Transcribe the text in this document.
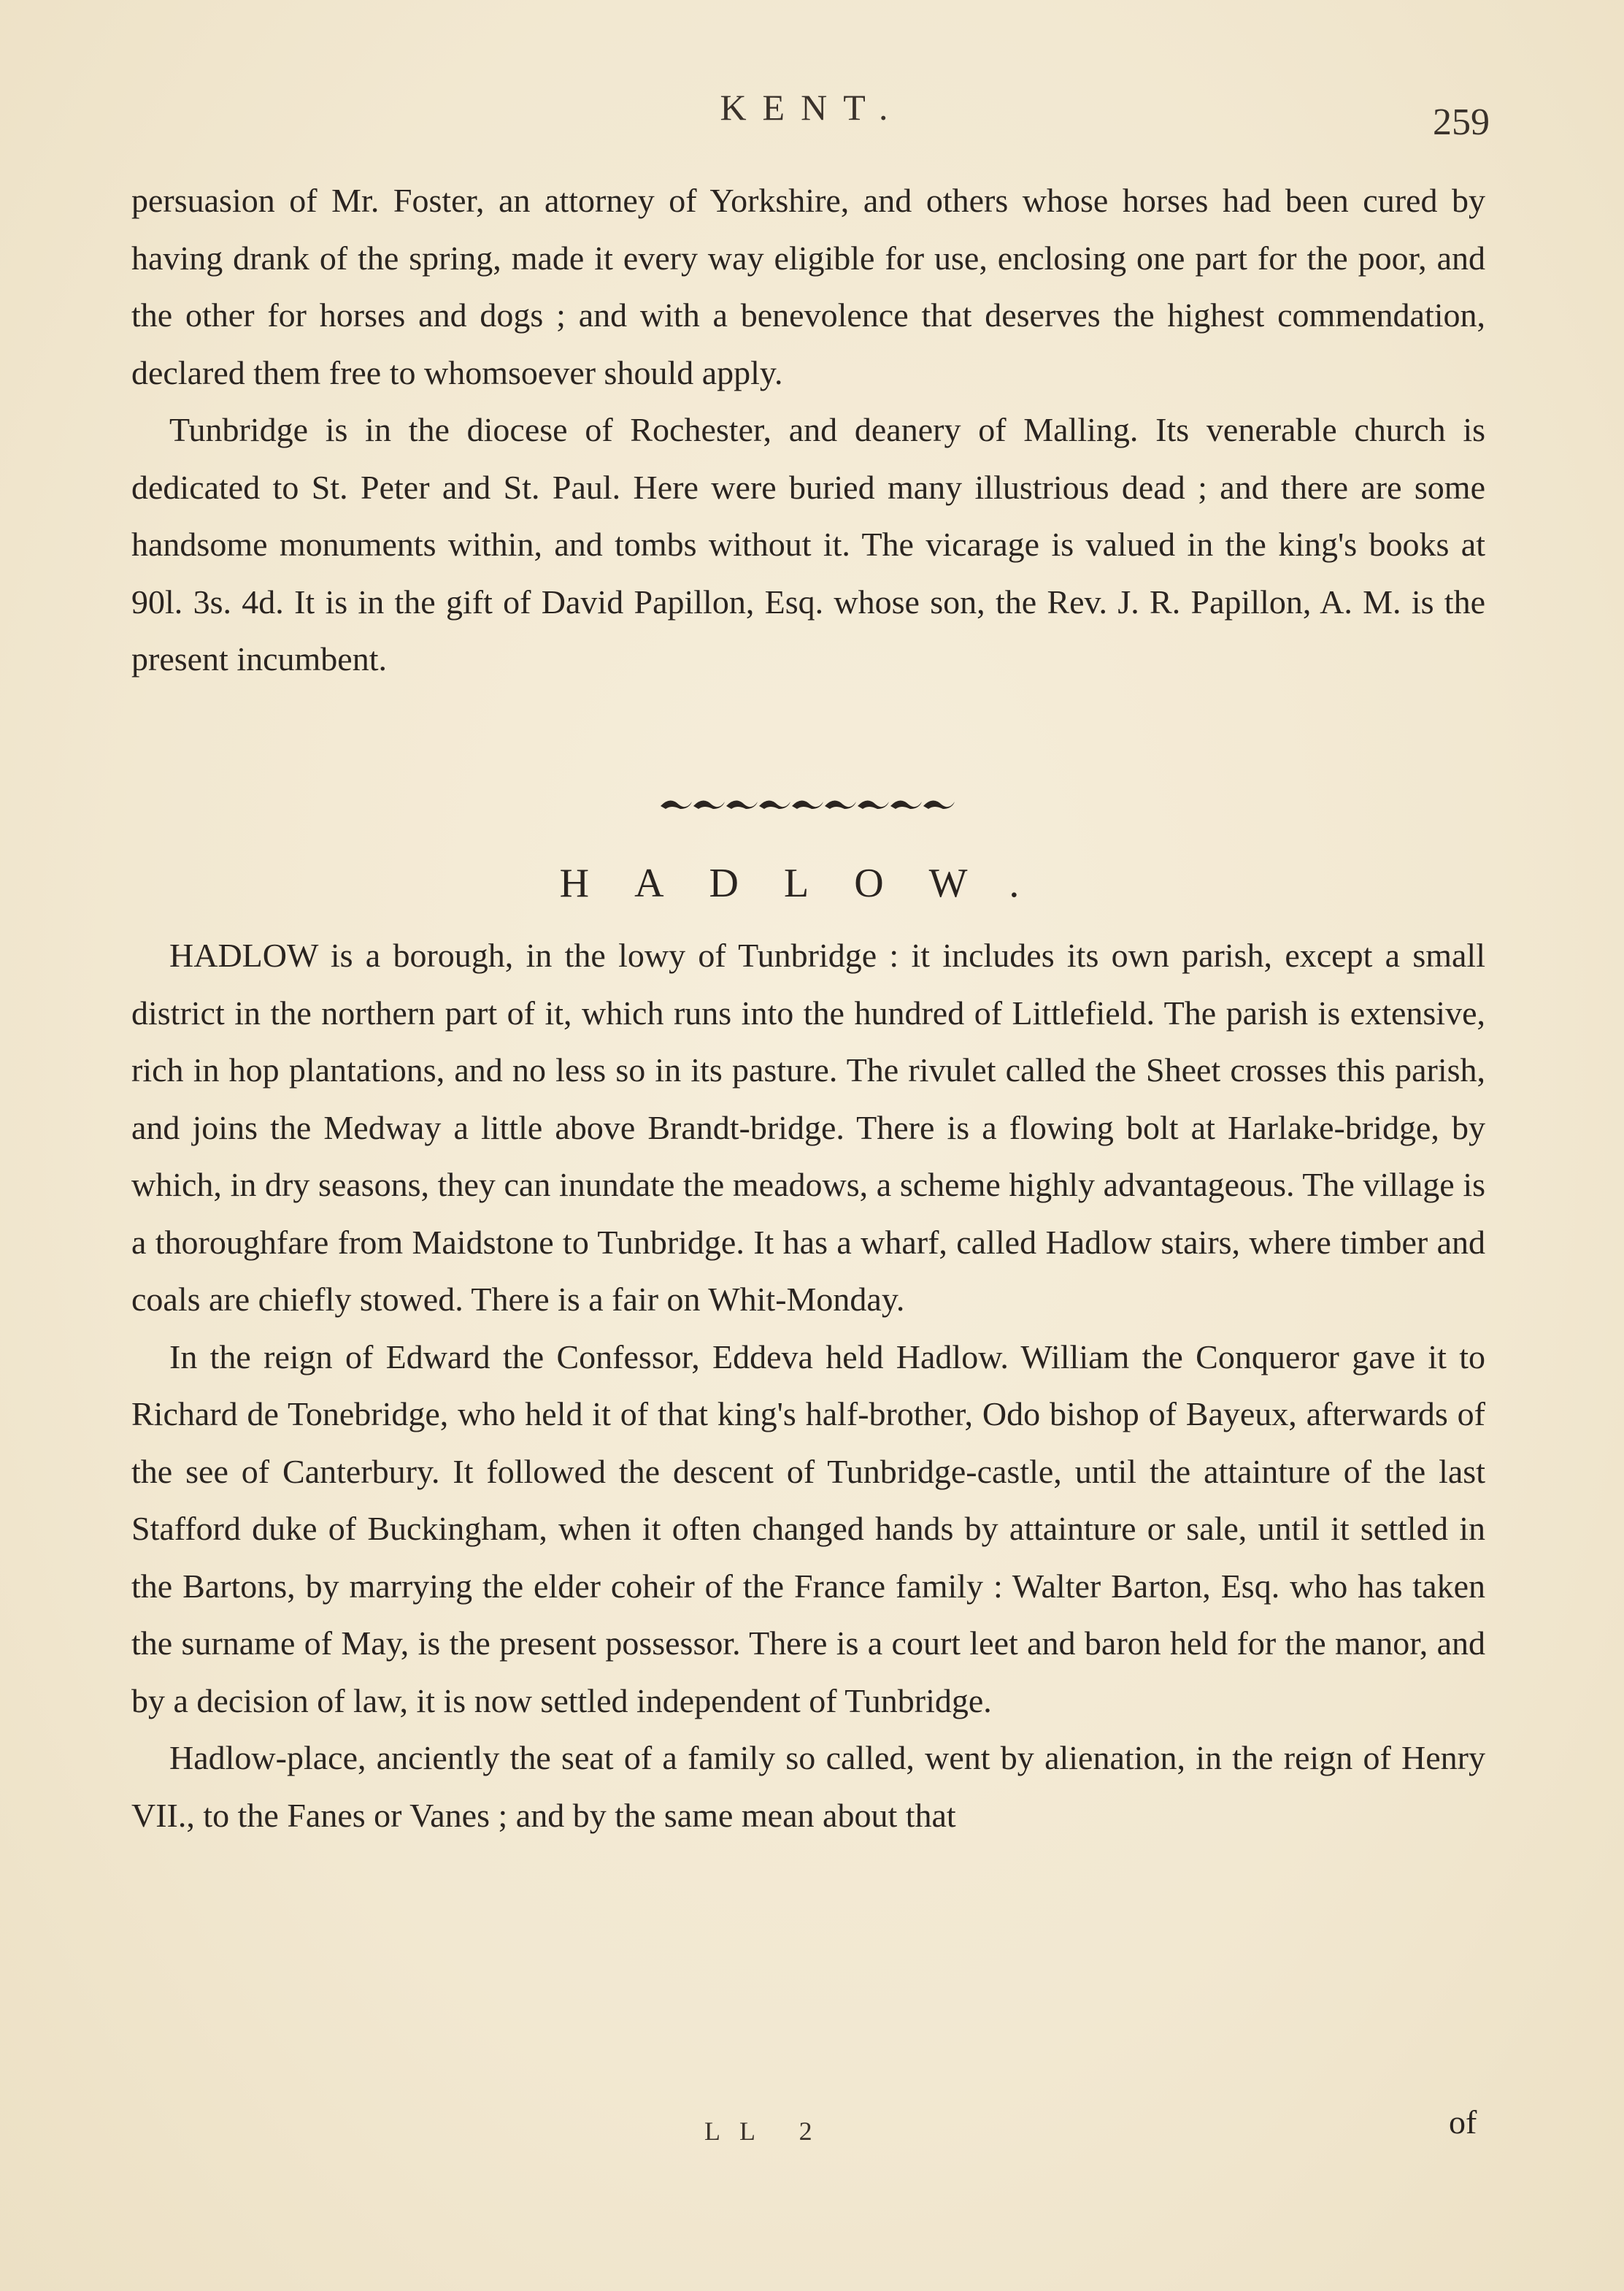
KENT.	259

persuasion of Mr. Foster, an attorney of Yorkshire, and others whose horses had been cured by having drank of the spring, made it every way eligible for use, enclosing one part for the poor, and the other for horses and dogs ; and with a benevolence that deserves the highest commendation, declared them free to whomsoever should apply.

Tunbridge is in the diocese of Rochester, and deanery of Malling. Its venerable church is dedicated to St. Peter and St. Paul. Here were buried many illustrious dead ; and there are some handsome monuments within, and tombs without it. The vicarage is valued in the king's books at 90l. 3s. 4d. It is in the gift of David Papillon, Esq. whose son, the Rev. J. R. Papillon, A. M. is the present incumbent.

HADLOW.

HADLOW is a borough, in the lowy of Tunbridge : it includes its own parish, except a small district in the northern part of it, which runs into the hundred of Littlefield. The parish is extensive, rich in hop plantations, and no less so in its pasture. The rivulet called the Sheet crosses this parish, and joins the Medway a little above Brandt-bridge. There is a flowing bolt at Harlake-bridge, by which, in dry seasons, they can inundate the meadows, a scheme highly advantageous. The village is a thoroughfare from Maidstone to Tunbridge. It has a wharf, called Hadlow stairs, where timber and coals are chiefly stowed. There is a fair on Whit-Monday.

In the reign of Edward the Confessor, Eddeva held Hadlow. William the Conqueror gave it to Richard de Tonebridge, who held it of that king's half-brother, Odo bishop of Bayeux, afterwards of the see of Canterbury. It followed the descent of Tunbridge-castle, until the attainture of the last Stafford duke of Buckingham, when it often changed hands by attainture or sale, until it settled in the Bartons, by marrying the elder coheir of the France family : Walter Barton, Esq. who has taken the surname of May, is the present possessor. There is a court leet and baron held for the manor, and by a decision of law, it is now settled independent of Tunbridge.

Hadlow-place, anciently the seat of a family so called, went by alienation, in the reign of Henry VII., to the Fanes or Vanes ; and by the same mean about that

LL 2	of
